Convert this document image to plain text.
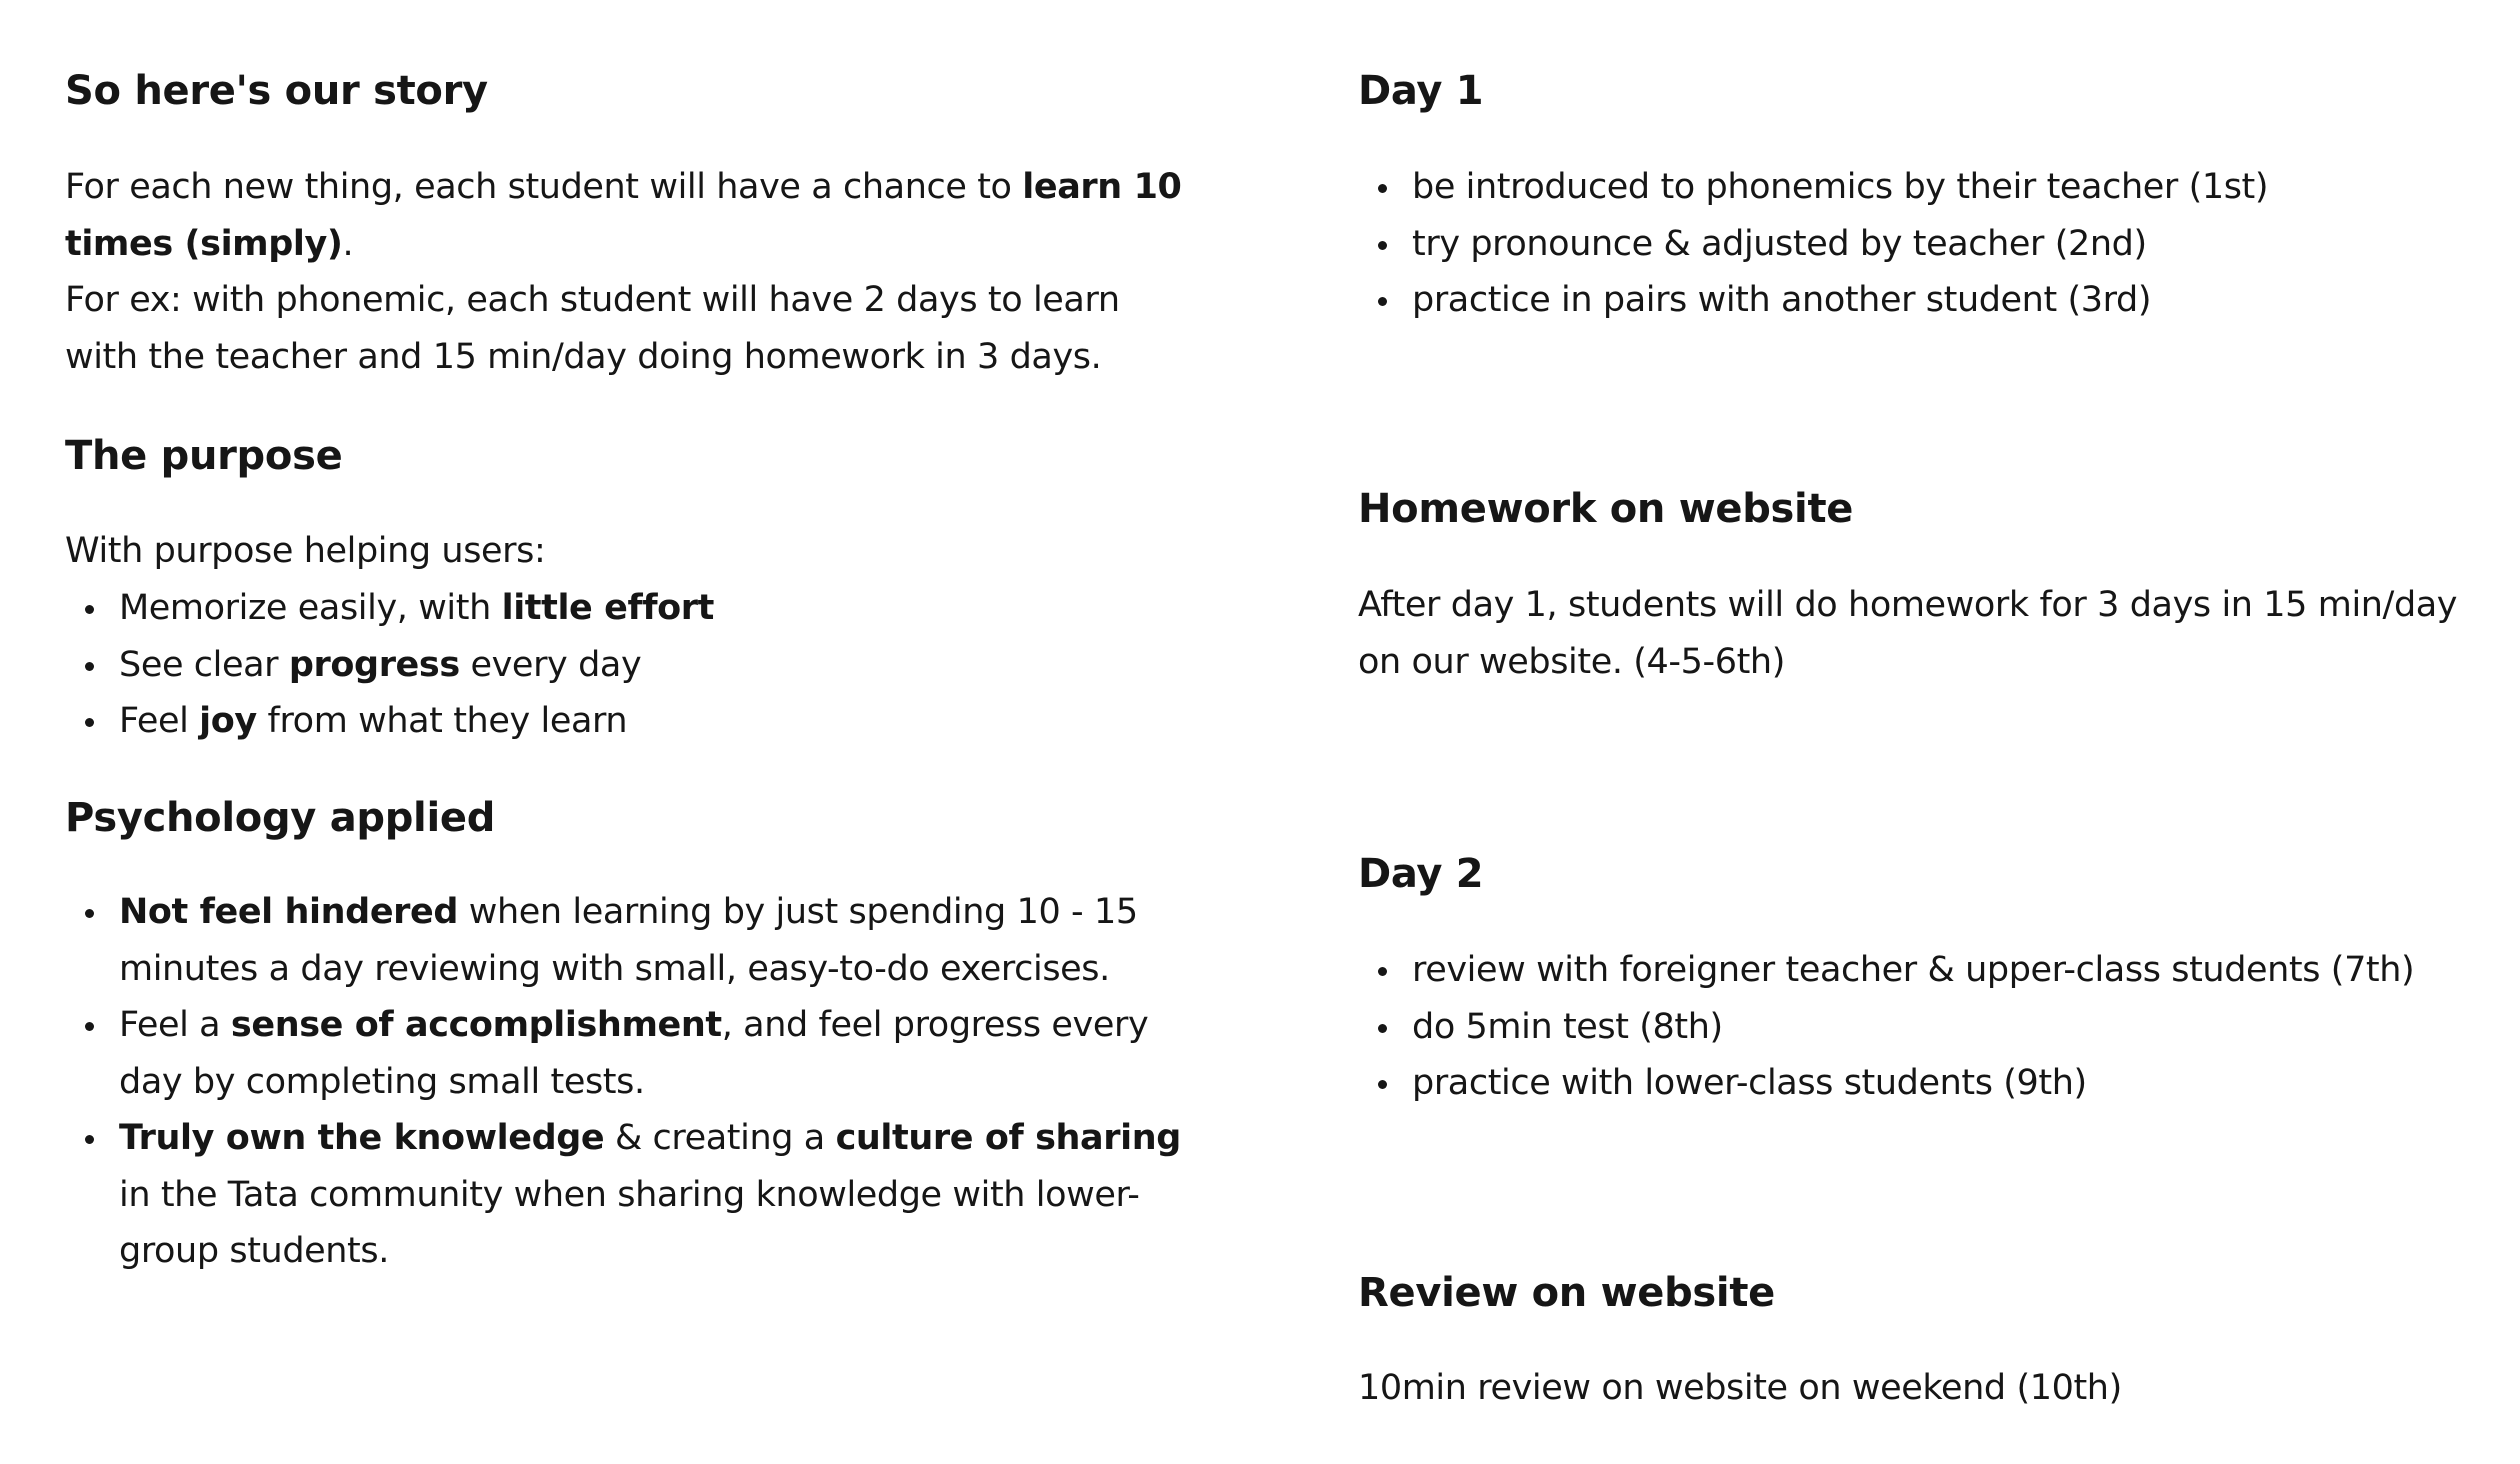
So here's our story
For each new thing, each student will have a chance to learn 10 times (simply).
For ex: with phonemic, each student will have 2 days to learn with the teacher and 15 min/day doing homework in 3 days.
The purpose
With purpose helping users:
Memorize easily, with little effort
See clear progress every day
Feel joy from what they learn
Psychology applied
Not feel hindered when learning by just spending 10 - 15 minutes a day reviewing with small, easy-to-do exercises.
Feel a sense of accomplishment, and feel progress every day by completing small tests.
Truly own the knowledge & creating a culture of sharing in the Tata community when sharing knowledge with lower-group students.
Day 1
be introduced to phonemics by their teacher (1st)
try pronounce & adjusted by teacher (2nd)
practice in pairs with another student (3rd)
Homework on website
After day 1, students will do homework for 3 days in 15 min/day on our website. (4-5-6th)
Day 2
review with foreigner teacher & upper-class students (7th)
do 5min test (8th)
practice with lower-class students (9th)
Review on website
10min review on website on weekend (10th)
